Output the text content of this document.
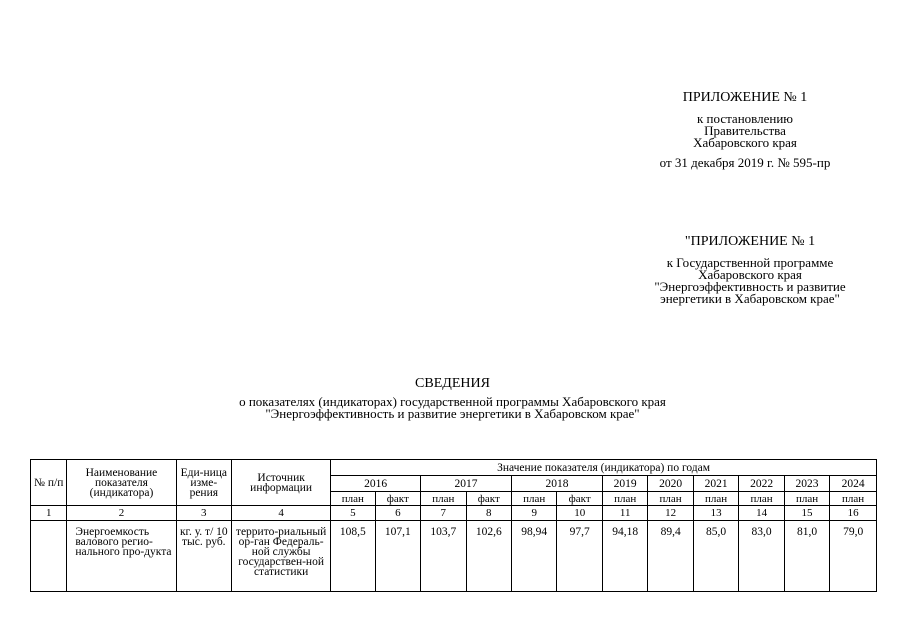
ПРИЛОЖЕНИЕ № 1
к постановлению
Правительства
Хабаровского края
от 31 декабря 2019 г. № 595-пр
"ПРИЛОЖЕНИЕ № 1
к Государственной программе
Хабаровского края
"Энергоэффективность и развитие
энергетики в Хабаровском крае"
СВЕДЕНИЯ
о показателях (индикаторах) государственной программы Хабаровского края
"Энергоэффективность и развитие энергетики в Хабаровском крае"
№ п/п	Наименование показателя (индикатора)	Еди-ница изме-рения	Источник информации	Значение показателя (индикатора) по годам											
				2016		2017		2018		2019	2020	2021	2022	2023	2024
				план	факт	план	факт	план	факт	план	план	план	план	план	план
1	2	3	4	5	6	7	8	9	10	11	12	13	14	15	16
	Энергоемкость валового регио-нального про-дукта	кг. у. т/ 10 тыс. руб.	террито-риальный ор-ган Федераль-ной службы государствен-ной статистики	108,5	107,1	103,7	102,6	98,94	97,7	94,18	89,4	85,0	83,0	81,0	79,0
